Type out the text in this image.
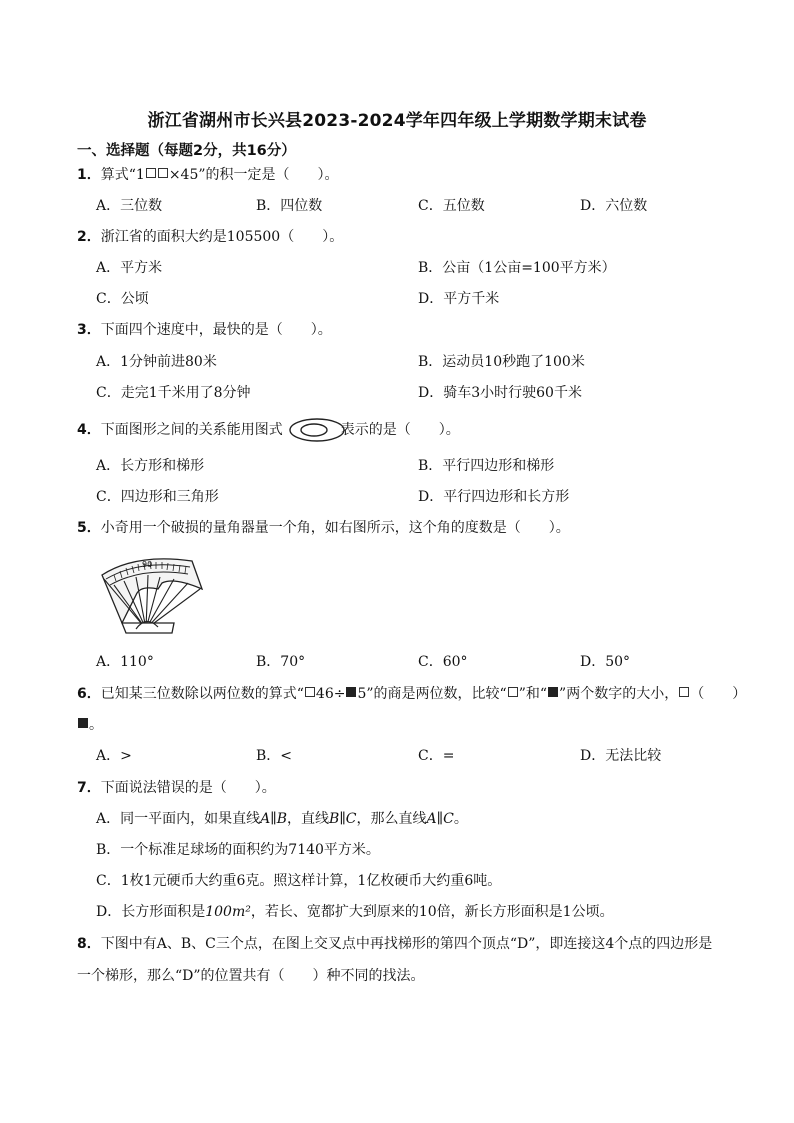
浙江省湖州市长兴县2023-2024学年四年级上学期数学期末试卷
一、选择题（每题2分，共16分）
1．算式“1 ×45”的积一定是（　　）。
A．三位数	B．四位数	C．五位数	D．六位数
2．浙江省的面积大约是105500（　　）。
A．平方米	B．公亩（1公亩=100平方米）
C．公顷	D．平方千米
3．下面四个速度中，最快的是（　　）。
A．1分钟前进80米	B．运动员10秒跑了100米
C．走完1千米用了8分钟	D．骑车3小时行驶60千米
4．下面图形之间的关系能用图式	表示的是（　　）。
A．长方形和梯形	B．平行四边形和梯形
C．四边形和三角形	D．平行四边形和长方形
5．小奇用一个破损的量角器量一个角，如右图所示，这个角的度数是（　　）。
90
A．110°	B．70°	C．60°	D．50°
6．已知某三位数除以两位数的算式“ 46÷ 5”的商是两位数，比较“ ”和“ ”两个数字的大小， （　　）
。
A．>	B．<	C．=	D．无法比较
7．下面说法错误的是（　　）。
A．同一平面内，如果直线A∥B，直线B∥C，那么直线A∥C。
B．一个标准足球场的面积约为7140平方米。
C．1枚1元硬币大约重6克。照这样计算，1亿枚硬币大约重6吨。
D．长方形面积是100m²，若长、宽都扩大到原来的10倍，新长方形面积是1公顷。
8．下图中有A、B、C三个点，在图上交叉点中再找梯形的第四个顶点“D”，即连接这4个点的四边形是
一个梯形，那么“D”的位置共有（　　）种不同的找法。
